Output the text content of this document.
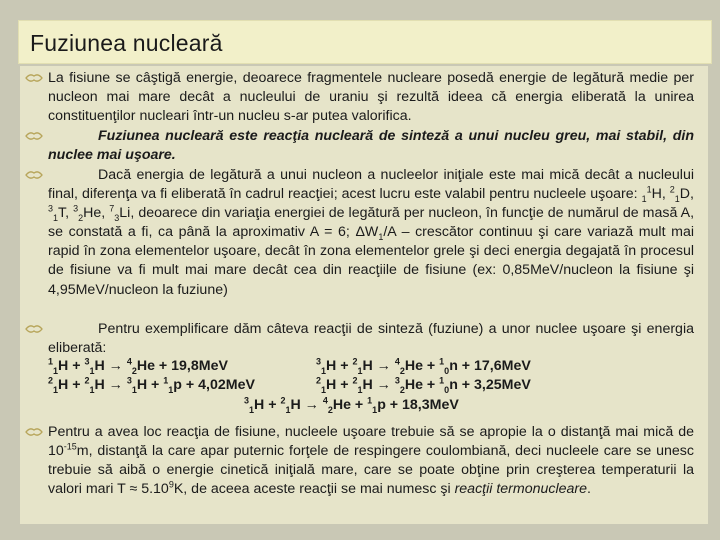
Fuziunea nucleară
La fisiune se câştigă energie, deoarece fragmentele nucleare posedă energie de legătură medie per nucleon mai mare decât a nucleului de uraniu şi rezultă ideea că energia eliberată la unirea constituenţilor nucleari într-un nucleu s-ar putea valorifica.
Fuziunea nucleară este reacţia nucleară de sinteză a unui nucleu greu, mai stabil, din nuclee mai uşoare.
Dacă energia de legătură a unui nucleon a nucleelor iniţiale este mai mică decât a nucleului final, diferenţa va fi eliberată în cadrul reacţiei; acest lucru este valabil pentru nucleele uşoare: $_1^1$H, $^2_1$D, $^3_1$T, $^3_2$He, $^7_3$Li, deoarece din variaţia energiei de legătură per nucleon, în funcţie de numărul de masă A, se constată a fi, ca până la aproximativ A = 6; $\Delta W_1/A$ – crescător continuu şi care variază mult mai rapid în zona elementelor uşoare, decât în zona elementelor grele şi deci energia degajată în procesul de fisiune va fi mult mai mare decât cea din reacţiile de fisiune (ex: 0,85MeV/nucleon la fisiune şi 4,95MeV/nucleon la fuziune)
Pentru exemplificare dăm câteva reacţii de sinteză (fuziune) a unor nuclee uşoare şi energia eliberată:
$^1_1$H + $^3_1$H → $^4_2$He + 19,8MeV	$^3_1$H + $^2_1$H → $^4_2$He + $^1_0$n + 17,6MeV
$^2_1$H + $^2_1$H → $^3_1$H + $^1_1$p + 4,02MeV	$^2_1$H + $^2_1$H → $^3_2$He + $^1_0$n + 3,25MeV
$^3_1$H + $^2_1$H → $^4_2$He + $^1_1$p + 18,3MeV
Pentru a avea loc reacţia de fisiune, nucleele uşoare trebuie să se apropie la o distanţă mai mică de $10^{-15}m$, distanţă la care apar puternic forţele de respingere coulombiană, deci nucleele care se unesc trebuie să aibă o energie cinetică iniţială mare, care se poate obţine prin creşterea temperaturii la valori mari $T \approx 5.10^9K$, de aceea aceste reacţii se mai numesc şi reacţii termonucleare.
